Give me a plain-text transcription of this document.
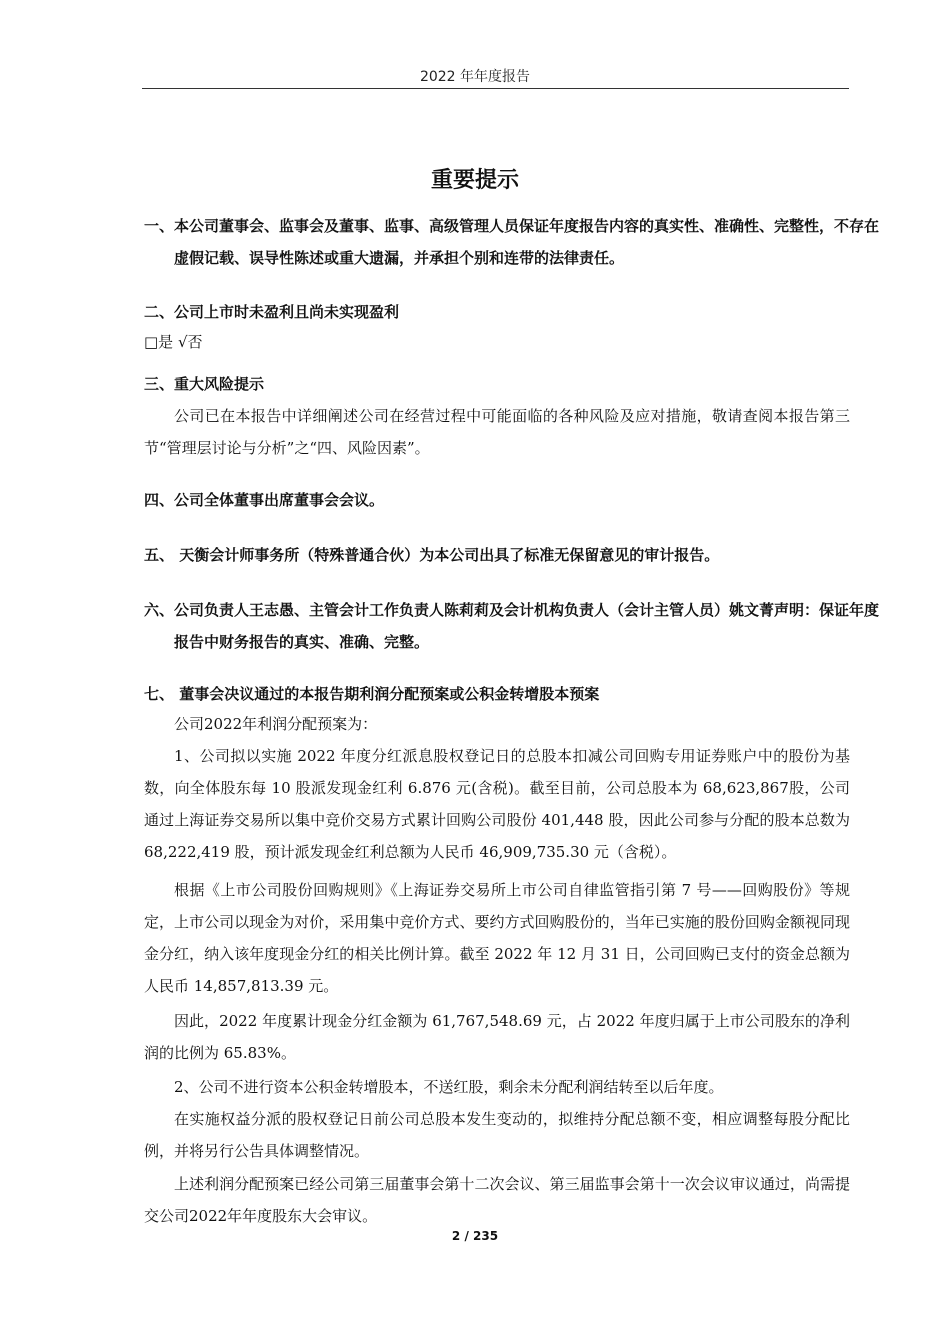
2022 年年度报告
重要提示
一、本公司董事会、监事会及董事、监事、高级管理人员保证年度报告内容的真实性、准确性、完整性，不存在虚假记载、误导性陈述或重大遗漏，并承担个别和连带的法律责任。
二、公司上市时未盈利且尚未实现盈利
□是 √否
三、重大风险提示
公司已在本报告中详细阐述公司在经营过程中可能面临的各种风险及应对措施，敬请查阅本报告第三节“管理层讨论与分析”之“四、风险因素”。
四、公司全体董事出席董事会会议。
五、 天衡会计师事务所（特殊普通合伙）为本公司出具了标准无保留意见的审计报告。
六、公司负责人王志愚、主管会计工作负责人陈莉莉及会计机构负责人（会计主管人员）姚文菁声明：保证年度报告中财务报告的真实、准确、完整。
七、 董事会决议通过的本报告期利润分配预案或公积金转增股本预案
公司2022年利润分配预案为：
1、公司拟以实施 2022 年度分红派息股权登记日的总股本扣减公司回购专用证券账户中的股份为基数，向全体股东每 10 股派发现金红利 6.876 元(含税)。截至目前，公司总股本为 68,623,867股，公司通过上海证券交易所以集中竞价交易方式累计回购公司股份 401,448 股，因此公司参与分配的股本总数为 68,222,419 股，预计派发现金红利总额为人民币 46,909,735.30 元（含税）。
根据《上市公司股份回购规则》《上海证券交易所上市公司自律监管指引第 7 号——回购股份》等规定，上市公司以现金为对价，采用集中竞价方式、要约方式回购股份的，当年已实施的股份回购金额视同现金分红，纳入该年度现金分红的相关比例计算。截至 2022 年 12 月 31 日，公司回购已支付的资金总额为人民币 14,857,813.39 元。
因此，2022 年度累计现金分红金额为 61,767,548.69 元，占 2022 年度归属于上市公司股东的净利润的比例为 65.83%。
2、公司不进行资本公积金转增股本，不送红股，剩余未分配利润结转至以后年度。
在实施权益分派的股权登记日前公司总股本发生变动的，拟维持分配总额不变，相应调整每股分配比例，并将另行公告具体调整情况。
上述利润分配预案已经公司第三届董事会第十二次会议、第三届监事会第十一次会议审议通过，尚需提交公司2022年年度股东大会审议。
2 / 235
